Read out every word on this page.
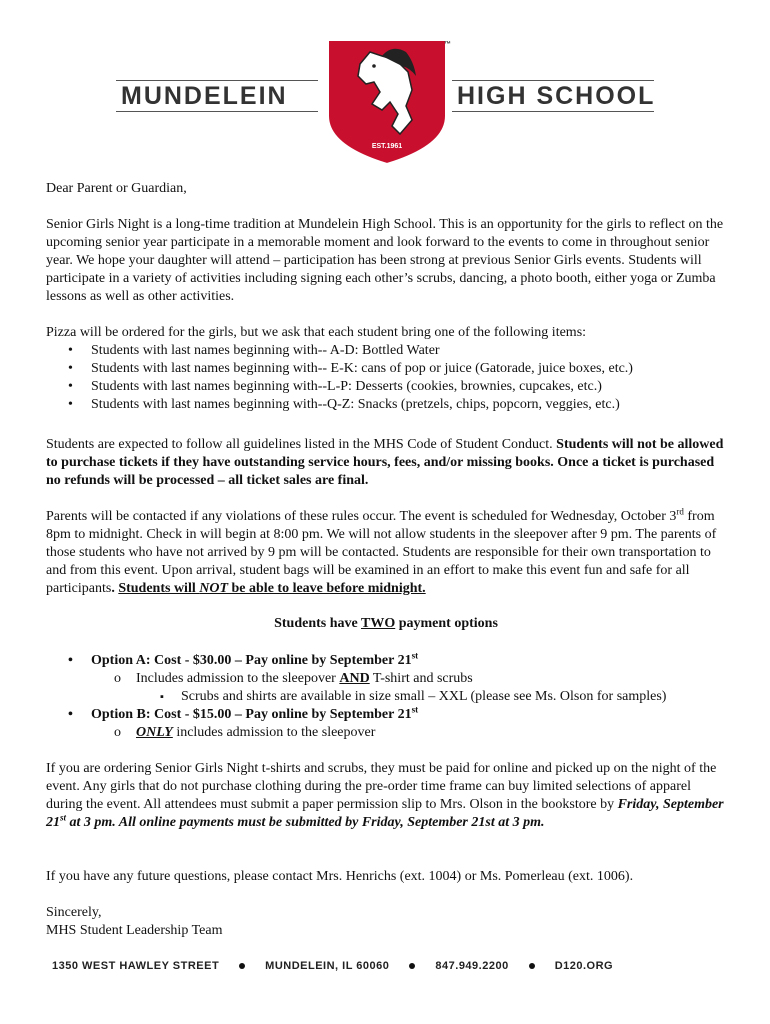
MUNDELEIN	HIGH SCHOOL
EST.1961
™

Dear Parent or Guardian,

Senior Girls Night is a long-time tradition at Mundelein High School. This is an opportunity for the girls to reflect on the upcoming senior year participate in a memorable moment and look forward to the events to come in throughout senior year. We hope your daughter will attend – participation has been strong at previous Senior Girls events. Students will participate in a variety of activities including signing each other’s scrubs, dancing, a photo booth, either yoga or Zumba lessons as well as other activities.

Pizza will be ordered for the girls, but we ask that each student bring one of the following items:

• Students with last names beginning with-- A-D: Bottled Water
• Students with last names beginning with-- E-K: cans of pop or juice (Gatorade, juice boxes, etc.)
• Students with last names beginning with--L-P: Desserts (cookies, brownies, cupcakes, etc.)
• Students with last names beginning with--Q-Z: Snacks (pretzels, chips, popcorn, veggies, etc.)

Students are expected to follow all guidelines listed in the MHS Code of Student Conduct. Students will not be allowed to purchase tickets if they have outstanding service hours, fees, and/or missing books. Once a ticket is purchased no refunds will be processed – all ticket sales are final.

Parents will be contacted if any violations of these rules occur. The event is scheduled for Wednesday, October 3rd from 8pm to midnight. Check in will begin at 8:00 pm. We will not allow students in the sleepover after 9 pm. The parents of those students who have not arrived by 9 pm will be contacted. Students are responsible for their own transportation to and from this event. Upon arrival, student bags will be examined in an effort to make this event fun and safe for all participants. Students will NOT be able to leave before midnight.

Students have TWO payment options

• Option A: Cost - $30.00 – Pay online by September 21st
o Includes admission to the sleepover AND T-shirt and scrubs
▪ Scrubs and shirts are available in size small – XXL (please see Ms. Olson for samples)
• Option B: Cost - $15.00 – Pay online by September 21st
o ONLY includes admission to the sleepover

If you are ordering Senior Girls Night t-shirts and scrubs, they must be paid for online and picked up on the night of the event. Any girls that do not purchase clothing during the pre-order time frame can buy limited selections of apparel during the event. All attendees must submit a paper permission slip to Mrs. Olson in the bookstore by Friday, September 21st at 3 pm. All online payments must be submitted by Friday, September 21st at 3 pm.

If you have any future questions, please contact Mrs. Henrichs (ext. 1004) or Ms. Pomerleau (ext. 1006).

Sincerely,

MHS Student Leadership Team

1350 WEST HAWLEY STREET	MUNDELEIN, IL 60060	847.949.2200	D120.ORG
